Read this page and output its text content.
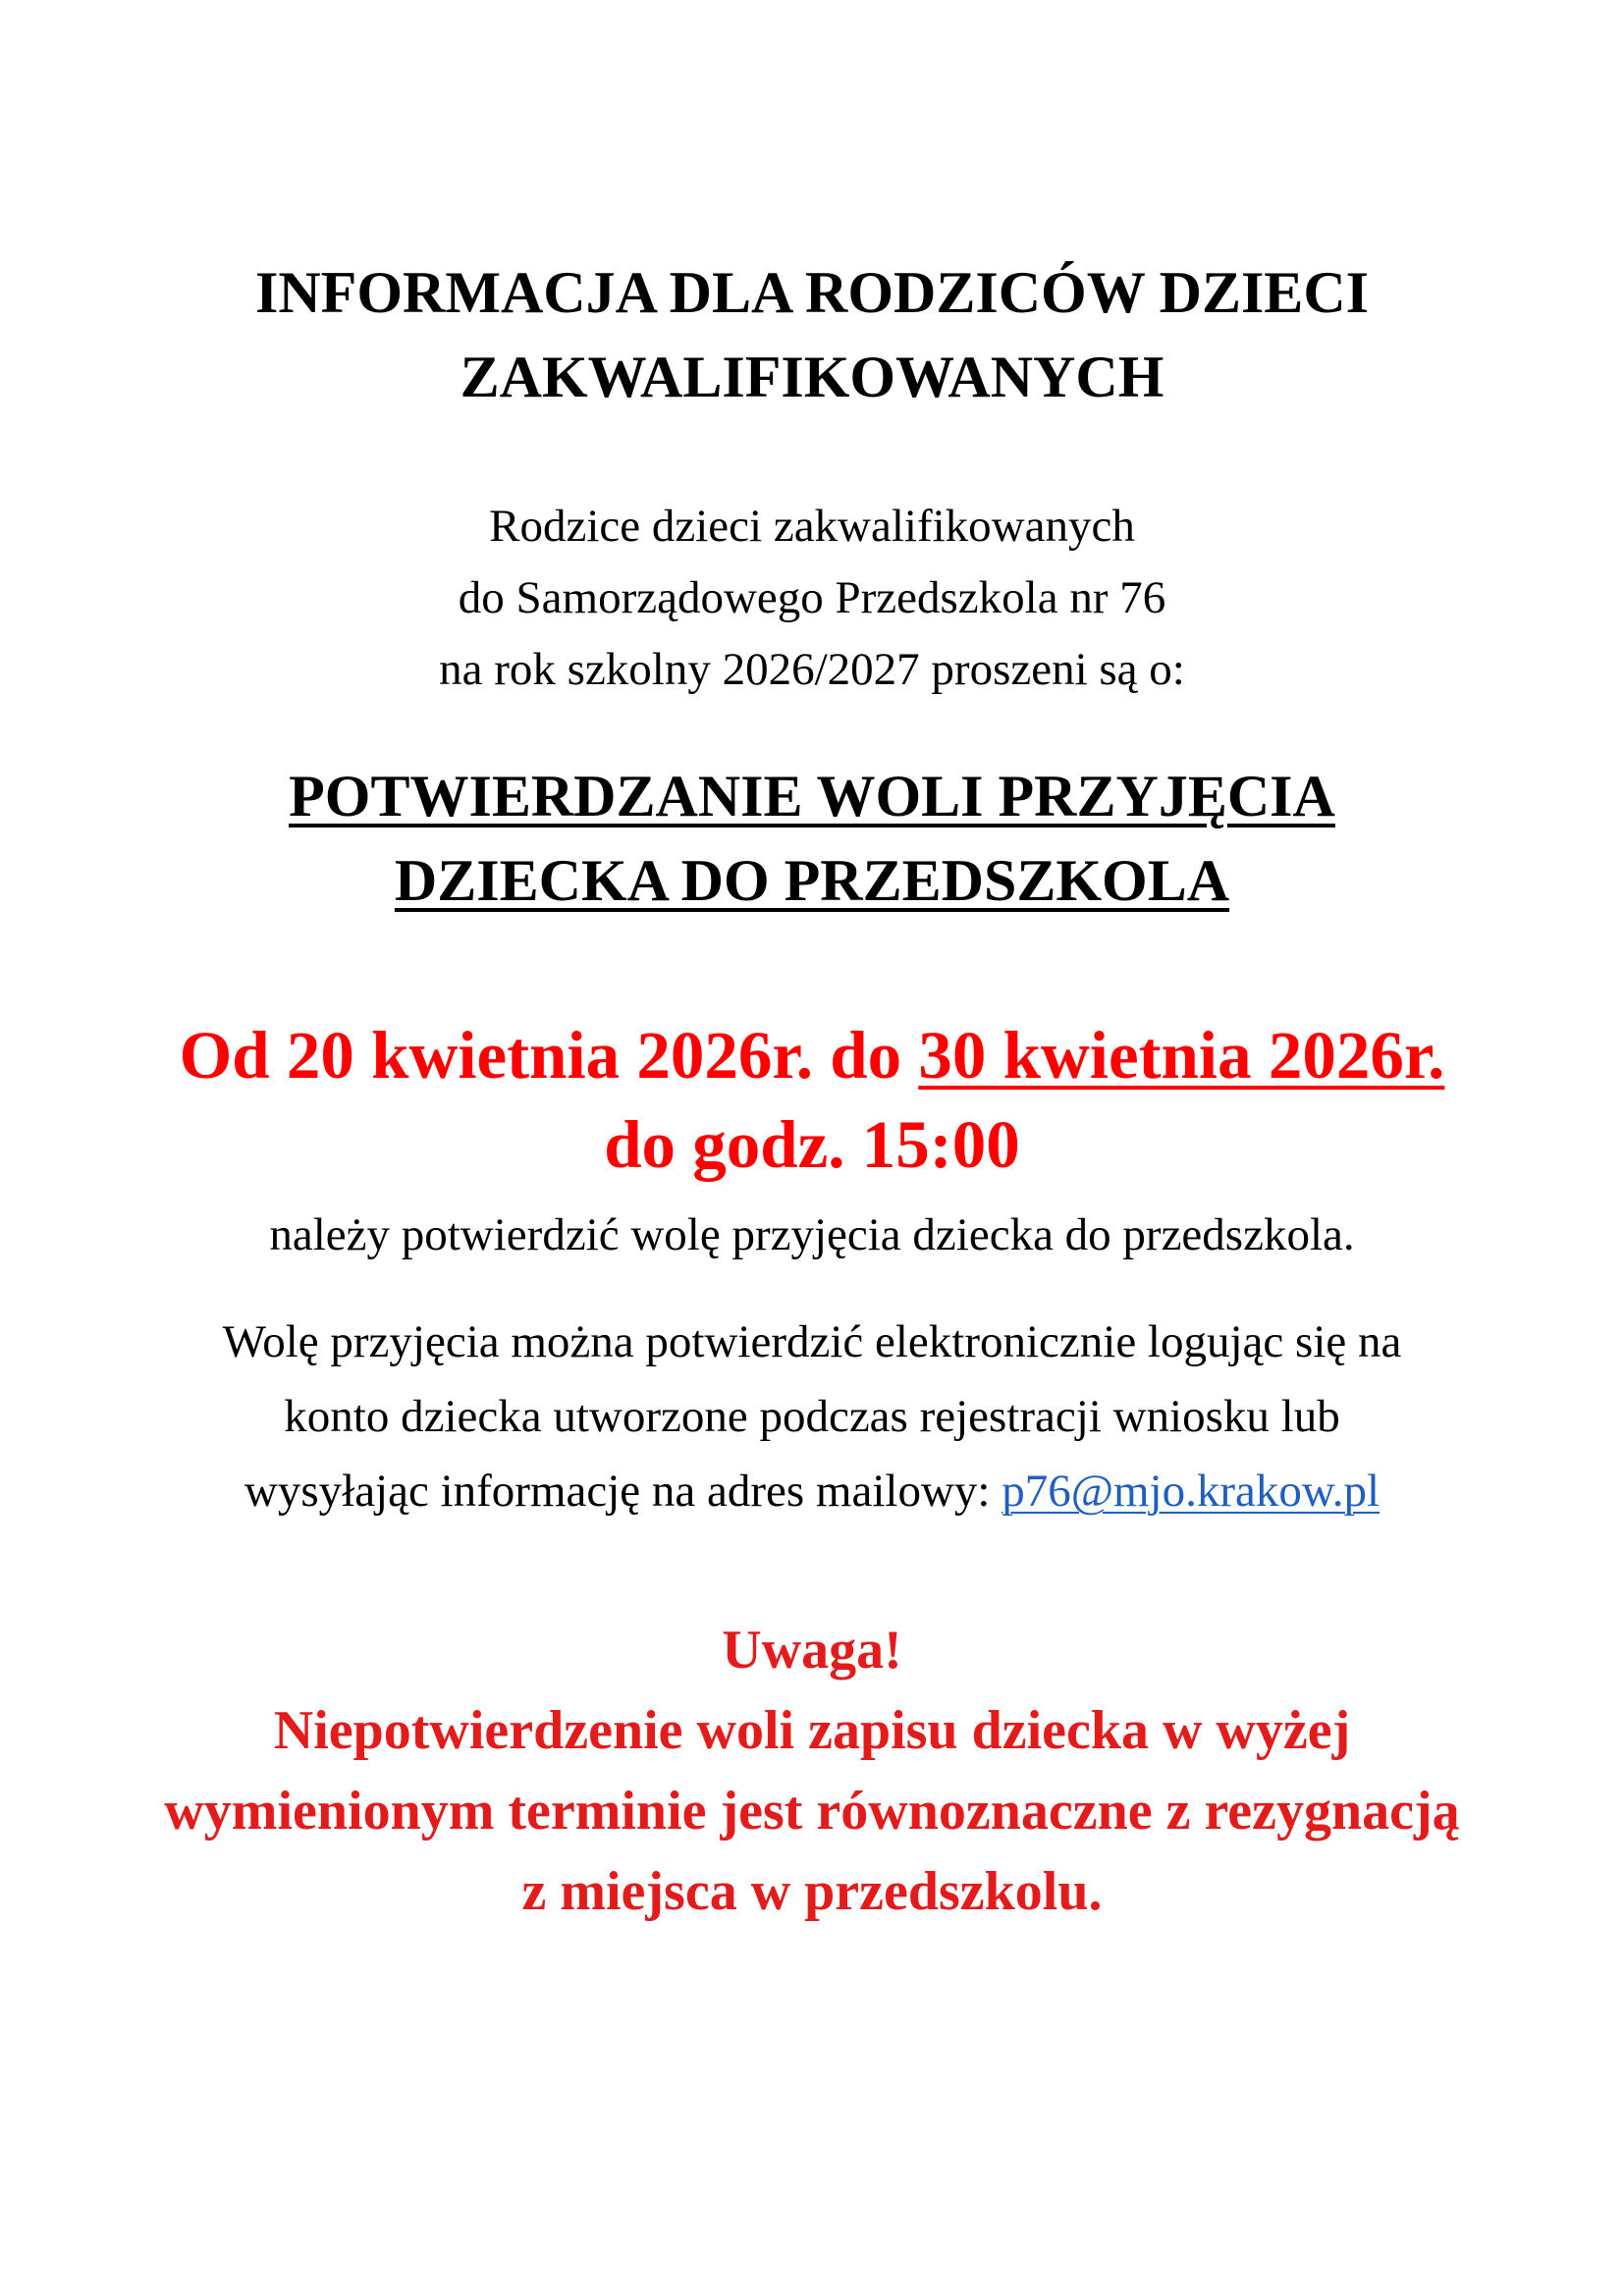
INFORMACJA DLA RODZICÓW DZIECI
ZAKWALIFIKOWANYCH
Rodzice dzieci zakwalifikowanych
do Samorządowego Przedszkola nr 76
na rok szkolny 2026/2027 proszeni są o:
POTWIERDZANIE WOLI PRZYJĘCIA
DZIECKA DO PRZEDSZKOLA
Od 20 kwietnia 2026r. do 30 kwietnia 2026r.
do godz. 15:00
należy potwierdzić wolę przyjęcia dziecka do przedszkola.
Wolę przyjęcia można potwierdzić elektronicznie logując się na
konto dziecka utworzone podczas rejestracji wniosku lub
wysyłając informację na adres mailowy: p76@mjo.krakow.pl
Uwaga!
Niepotwierdzenie woli zapisu dziecka w wyżej
wymienionym terminie jest równoznaczne z rezygnacją
z miejsca w przedszkolu.
